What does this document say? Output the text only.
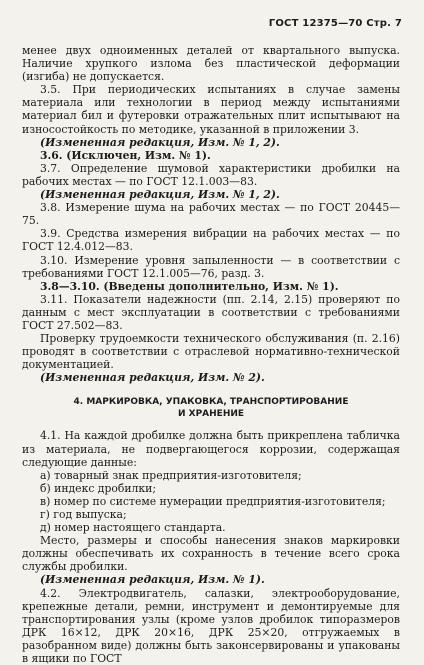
ГОСТ 12375—70 Стр. 7

менее двух одноименных деталей от квартального выпуска. Наличие хрупкого излома без пластической деформации (изгиба) не допускается.

3.5. При периодических испытаниях в случае замены материала или технологии в период между испытаниями материал бил и футеровки отражательных плит испытывают на износостойкость по методике, указанной в приложении 3.

(Измененная редакция, Изм. № 1, 2).

3.6. (Исключен, Изм. № 1).

3.7. Определение шумовой характеристики дробилки на рабочих местах — по ГОСТ 12.1.003—83.

(Измененная редакция, Изм. № 1, 2).

3.8. Измерение шума на рабочих местах — по ГОСТ 20445—75.

3.9. Средства измерения вибрации на рабочих местах — по ГОСТ 12.4.012—83.

3.10. Измерение уровня запыленности — в соответствии с требованиями ГОСТ 12.1.005—76, разд. 3.

3.8—3.10. (Введены дополнительно, Изм. № 1).

3.11. Показатели надежности (пп. 2.14, 2.15) проверяют по данным с мест эксплуатации в соответствии с требованиями ГОСТ 27.502—83.

Проверку трудоемкости технического обслуживания (п. 2.16) проводят в соответствии с отраслевой нормативно-технической документацией.

(Измененная редакция, Изм. № 2).

4. МАРКИРОВКА, УПАКОВКА, ТРАНСПОРТИРОВАНИЕ
И ХРАНЕНИЕ

4.1. На каждой дробилке должна быть прикреплена табличка из материала, не подвергающегося коррозии, содержащая следующие данные:

а) товарный знак предприятия-изготовителя;
б) индекс дробилки;
в) номер по системе нумерации предприятия-изготовителя;
г) год выпуска;
д) номер настоящего стандарта.

Место, размеры и способы нанесения знаков маркировки должны обеспечивать их сохранность в течение всего срока службы дробилки.

(Измененная редакция, Изм. № 1).

4.2. Электродвигатель, салазки, электрооборудование, крепежные детали, ремни, инструмент и демонтируемые для транспортирования узлы (кроме узлов дробилок типоразмеров ДРК 16×12, ДРК 20×16, ДРК 25×20, отгружаемых в разобранном виде) должны быть законсервированы и упакованы в ящики по ГОСТ
